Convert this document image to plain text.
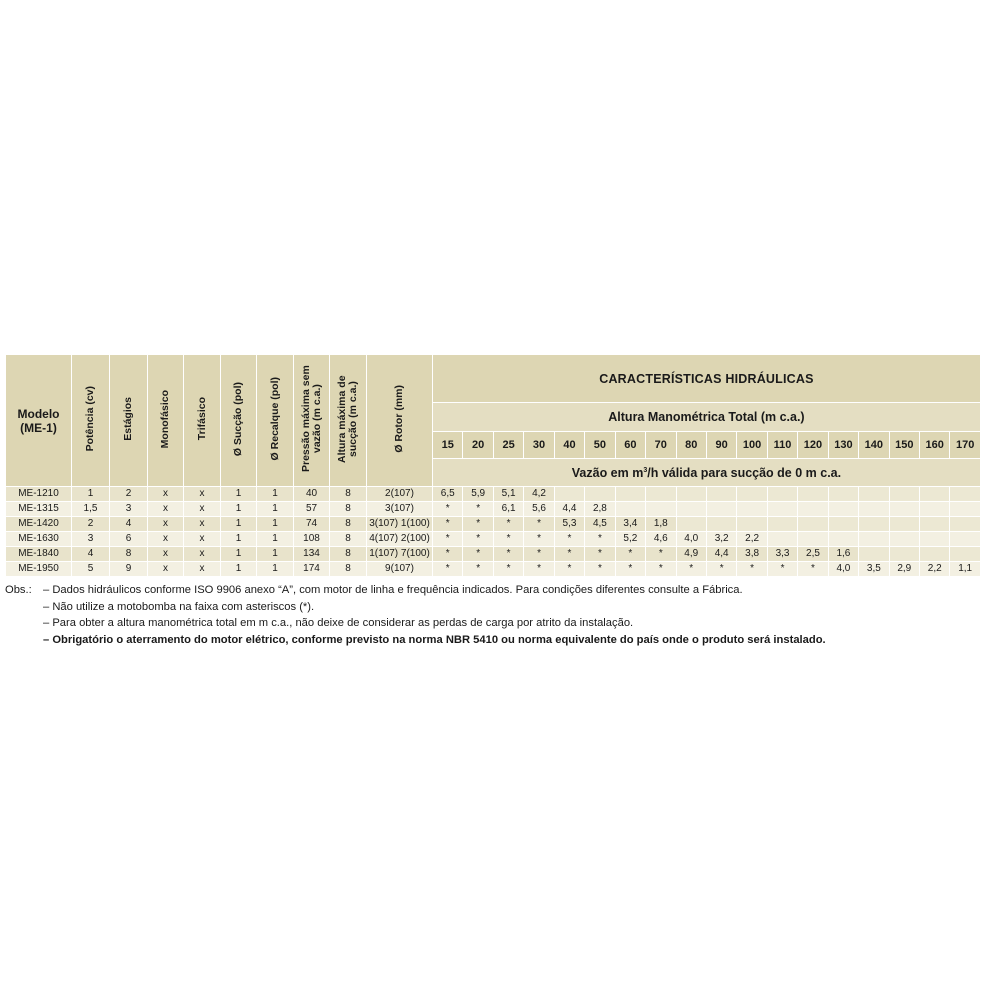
Modelo
(ME-1)	Potência (cv)	Estágios	Monofásico	Trifásico	Ø Sucção (pol)	Ø Recalque (pol)	Pressão máxima sem vazão (m c.a.)	Altura máxima de sucção (m c.a.)	Ø Rotor (mm)	CARACTERÍSTICAS HIDRÁULICAS																	
										Altura Manométrica Total (m c.a.)																	
										15	20	25	30	40	50	60	70	80	90	100	110	120	130	140	150	160	170
										Vazão em $m^3/h$ válida para sucção de 0 m c.a.																	
ME-1210	1	2	x	x	1	1	40	8	2(107)	6,5	5,9	5,1	4,2														
ME-1315	1,5	3	x	x	1	1	57	8	3(107)	*	*	6,1	5,6	4,4	2,8												
ME-1420	2	4	x	x	1	1	74	8	3(107) 1(100)	*	*	*	*	5,3	4,5	3,4	1,8										
ME-1630	3	6	x	x	1	1	108	8	4(107) 2(100)	*	*	*	*	*	*	5,2	4,6	4,0	3,2	2,2							
ME-1840	4	8	x	x	1	1	134	8	1(107) 7(100)	*	*	*	*	*	*	*	*	4,9	4,4	3,8	3,3	2,5	1,6				
ME-1950	5	9	x	x	1	1	174	8	9(107)	*	*	*	*	*	*	*	*	*	*	*	*	*	4,0	3,5	2,9	2,2	1,1
Obs.:	– Dados hidráulicos conforme ISO 9906 anexo “A”, com motor de linha e frequência indicados. Para condições diferentes consulte a Fábrica.
– Não utilize a motobomba na faixa com asteriscos (*).
– Para obter a altura manométrica total em m c.a., não deixe de considerar as perdas de carga por atrito da instalação.
– Obrigatório o aterramento do motor elétrico, conforme previsto na norma NBR 5410 ou norma equivalente do país onde o produto será instalado.
